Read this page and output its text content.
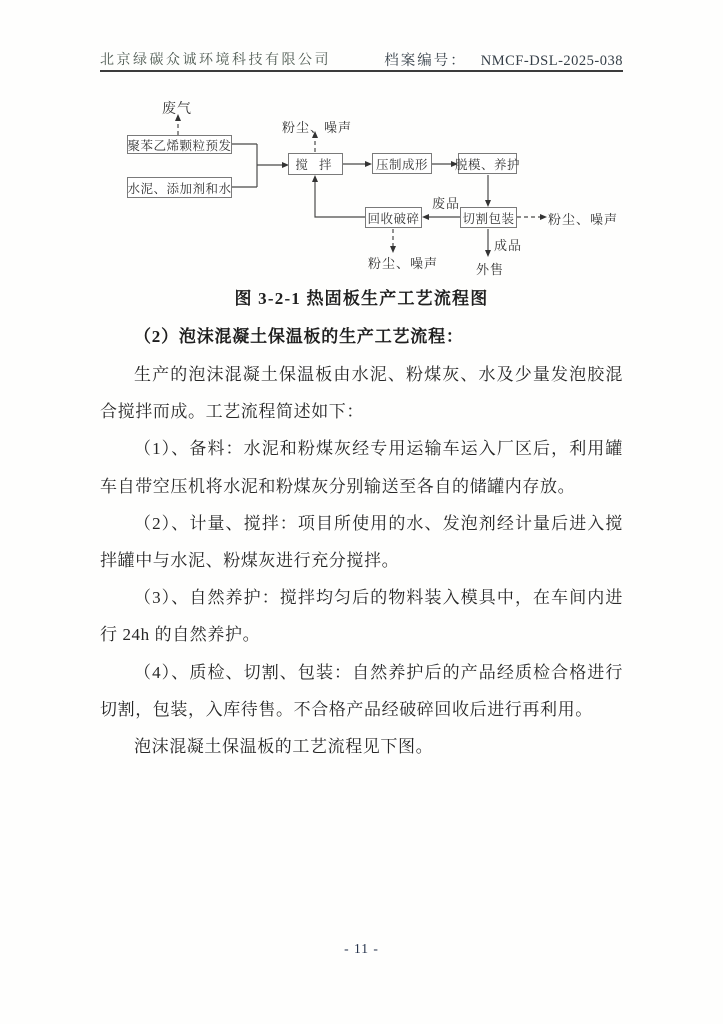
北京绿碳众诚环境科技有限公司	档案编号： NMCF-DSL-2025-038
废气
粉尘、噪声
聚苯乙烯颗粒预发
水泥、添加剂和水
搅 拌	压制成形	脱模、养护
切割包装
回收破碎
废品
粉尘、噪声
成品
外售
粉尘、噪声
图 3-2-1 热固板生产工艺流程图
（2）泡沫混凝土保温板的生产工艺流程：

生产的泡沫混凝土保温板由水泥、粉煤灰、水及少量发泡胶混合搅拌而成。工艺流程简述如下：

（1）、备料：水泥和粉煤灰经专用运输车运入厂区后，利用罐车自带空压机将水泥和粉煤灰分别输送至各自的储罐内存放。

（2）、计量、搅拌：项目所使用的水、发泡剂经计量后进入搅拌罐中与水泥、粉煤灰进行充分搅拌。

（3）、自然养护：搅拌均匀后的物料装入模具中，在车间内进行 24h 的自然养护。

（4）、质检、切割、包装：自然养护后的产品经质检合格进行切割，包装，入库待售。不合格产品经破碎回收后进行再利用。

泡沫混凝土保温板的工艺流程见下图。

- 11 -
